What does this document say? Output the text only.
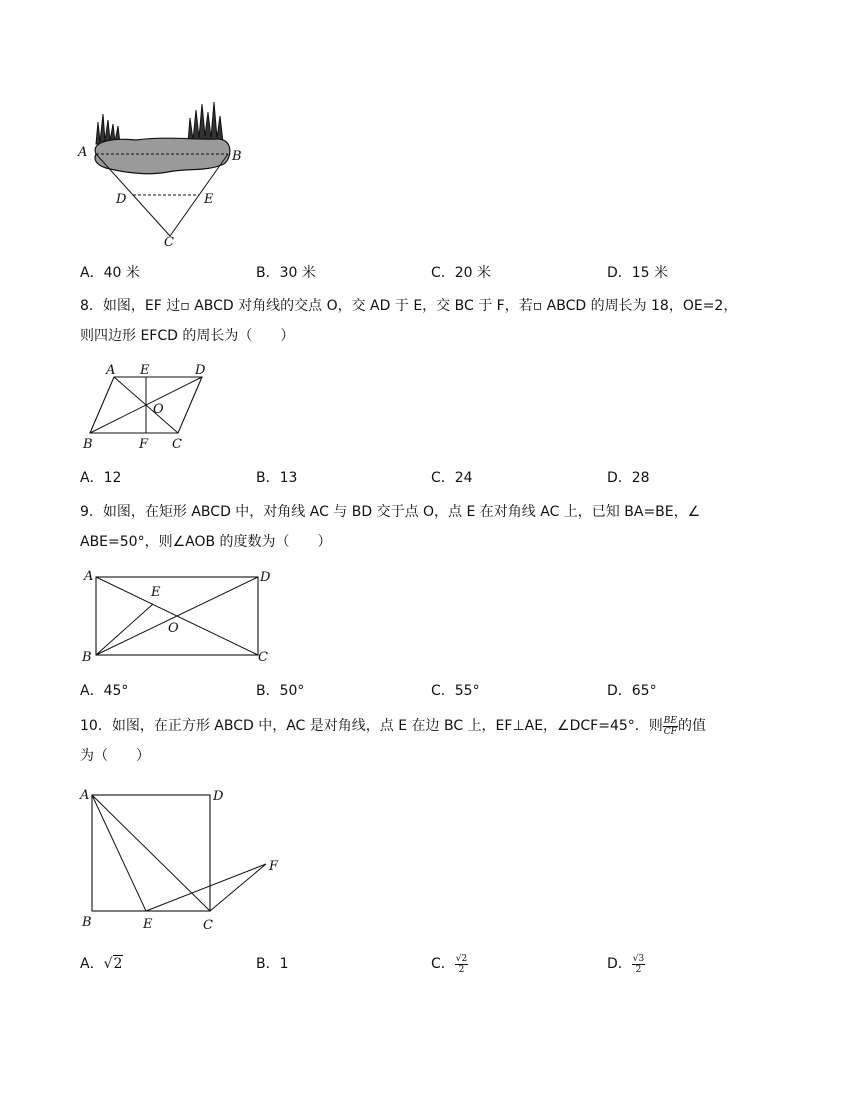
A	B
D	E
C
A．40 米	B．30 米	C．20 米	D．15 米
8．如图，EF 过▫ ABCD 对角线的交点 O，交 AD 于 E，交 BC 于 F，若▫ ABCD 的周长为 18，OE=2，
则四边形 EFCD 的周长为（　　）
A E	D
O
B	F C
A．12	B．13	C．24	D．28
9．如图，在矩形 ABCD 中，对角线 AC 与 BD 交于点 O，点 E 在对角线 AC 上，已知 BA=BE，∠
ABE=50°，则∠AOB 的度数为（　　）
A	D
E
O
B	C
A．45°	B．50°	C．55°	D．65°
10．如图，在正方形 ABCD 中，AC 是对角线，点 E 在边 BC 上，EF⊥AE，∠DCF=45°．则 $\frac{BE}{CF}$ 的值
为（　　）
A	D
F
B	E	C
A．√2	B．1	C． $\frac{√2}{2}$	D． $\frac{√3}{2}$
